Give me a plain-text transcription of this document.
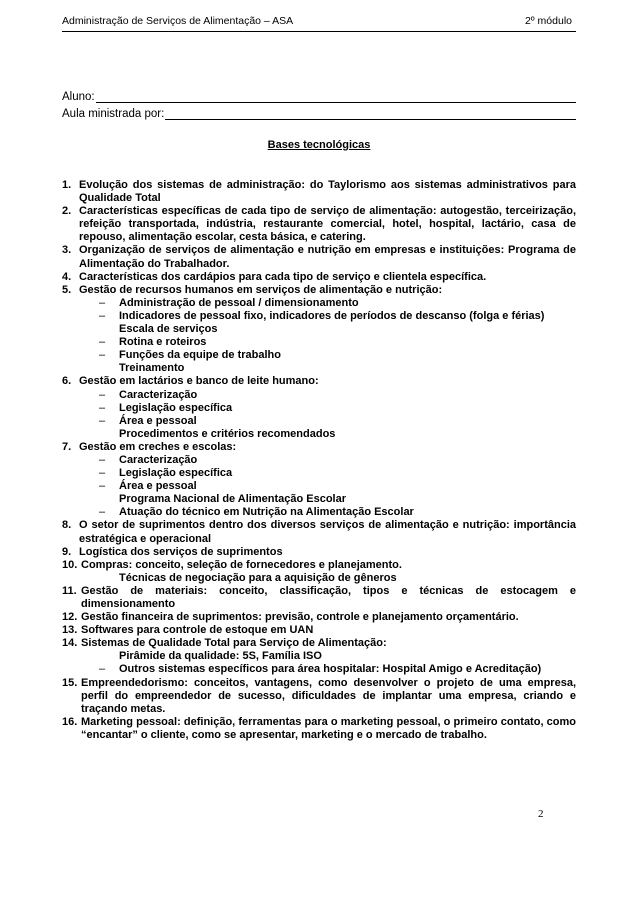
Administração de Serviços de Alimentação – ASA	2º módulo
Aluno:
Aula ministrada por:
Bases tecnológicas
1. Evolução dos sistemas de administração: do Taylorismo aos sistemas administrativos para Qualidade Total
2. Características específicas de cada tipo de serviço de alimentação: autogestão, terceirização, refeição transportada, indústria, restaurante comercial, hotel, hospital, lactário, casa de repouso, alimentação escolar, cesta básica, e catering.
3. Organização de serviços de alimentação e nutrição em empresas e instituições: Programa de Alimentação do Trabalhador.
4. Características dos cardápios para cada tipo de serviço e clientela específica.
5. Gestão de recursos humanos em serviços de alimentação e nutrição:
– Administração de pessoal / dimensionamento
– Indicadores de pessoal fixo, indicadores de períodos de descanso (folga e férias)
Escala de serviços
– Rotina e roteiros
– Funções da equipe de trabalho
Treinamento
6. Gestão em lactários e banco de leite humano:
– Caracterização
– Legislação específica
– Área e pessoal
Procedimentos e critérios recomendados
7. Gestão em creches e escolas:
– Caracterização
– Legislação específica
– Área e pessoal
Programa Nacional de Alimentação Escolar
– Atuação do técnico em Nutrição na Alimentação Escolar
8. O setor de suprimentos dentro dos diversos serviços de alimentação e nutrição: importância estratégica e operacional
9. Logística dos serviços de suprimentos
10. Compras: conceito, seleção de fornecedores e planejamento.
Técnicas de negociação para a aquisição de gêneros
11. Gestão de materiais: conceito, classificação, tipos e técnicas de estocagem e dimensionamento
12. Gestão financeira de suprimentos: previsão, controle e planejamento orçamentário.
13. Softwares para controle de estoque em UAN
14. Sistemas de Qualidade Total para Serviço de Alimentação:
Pirâmide da qualidade: 5S, Família ISO
– Outros sistemas específicos para área hospitalar: Hospital Amigo e Acreditação)
15. Empreendedorismo: conceitos, vantagens, como desenvolver o projeto de uma empresa, perfil do empreendedor de sucesso, dificuldades de implantar uma empresa, criando e traçando metas.
16. Marketing pessoal: definição, ferramentas para o marketing pessoal, o primeiro contato, como “encantar” o cliente, como se apresentar, marketing e o mercado de trabalho.
2
